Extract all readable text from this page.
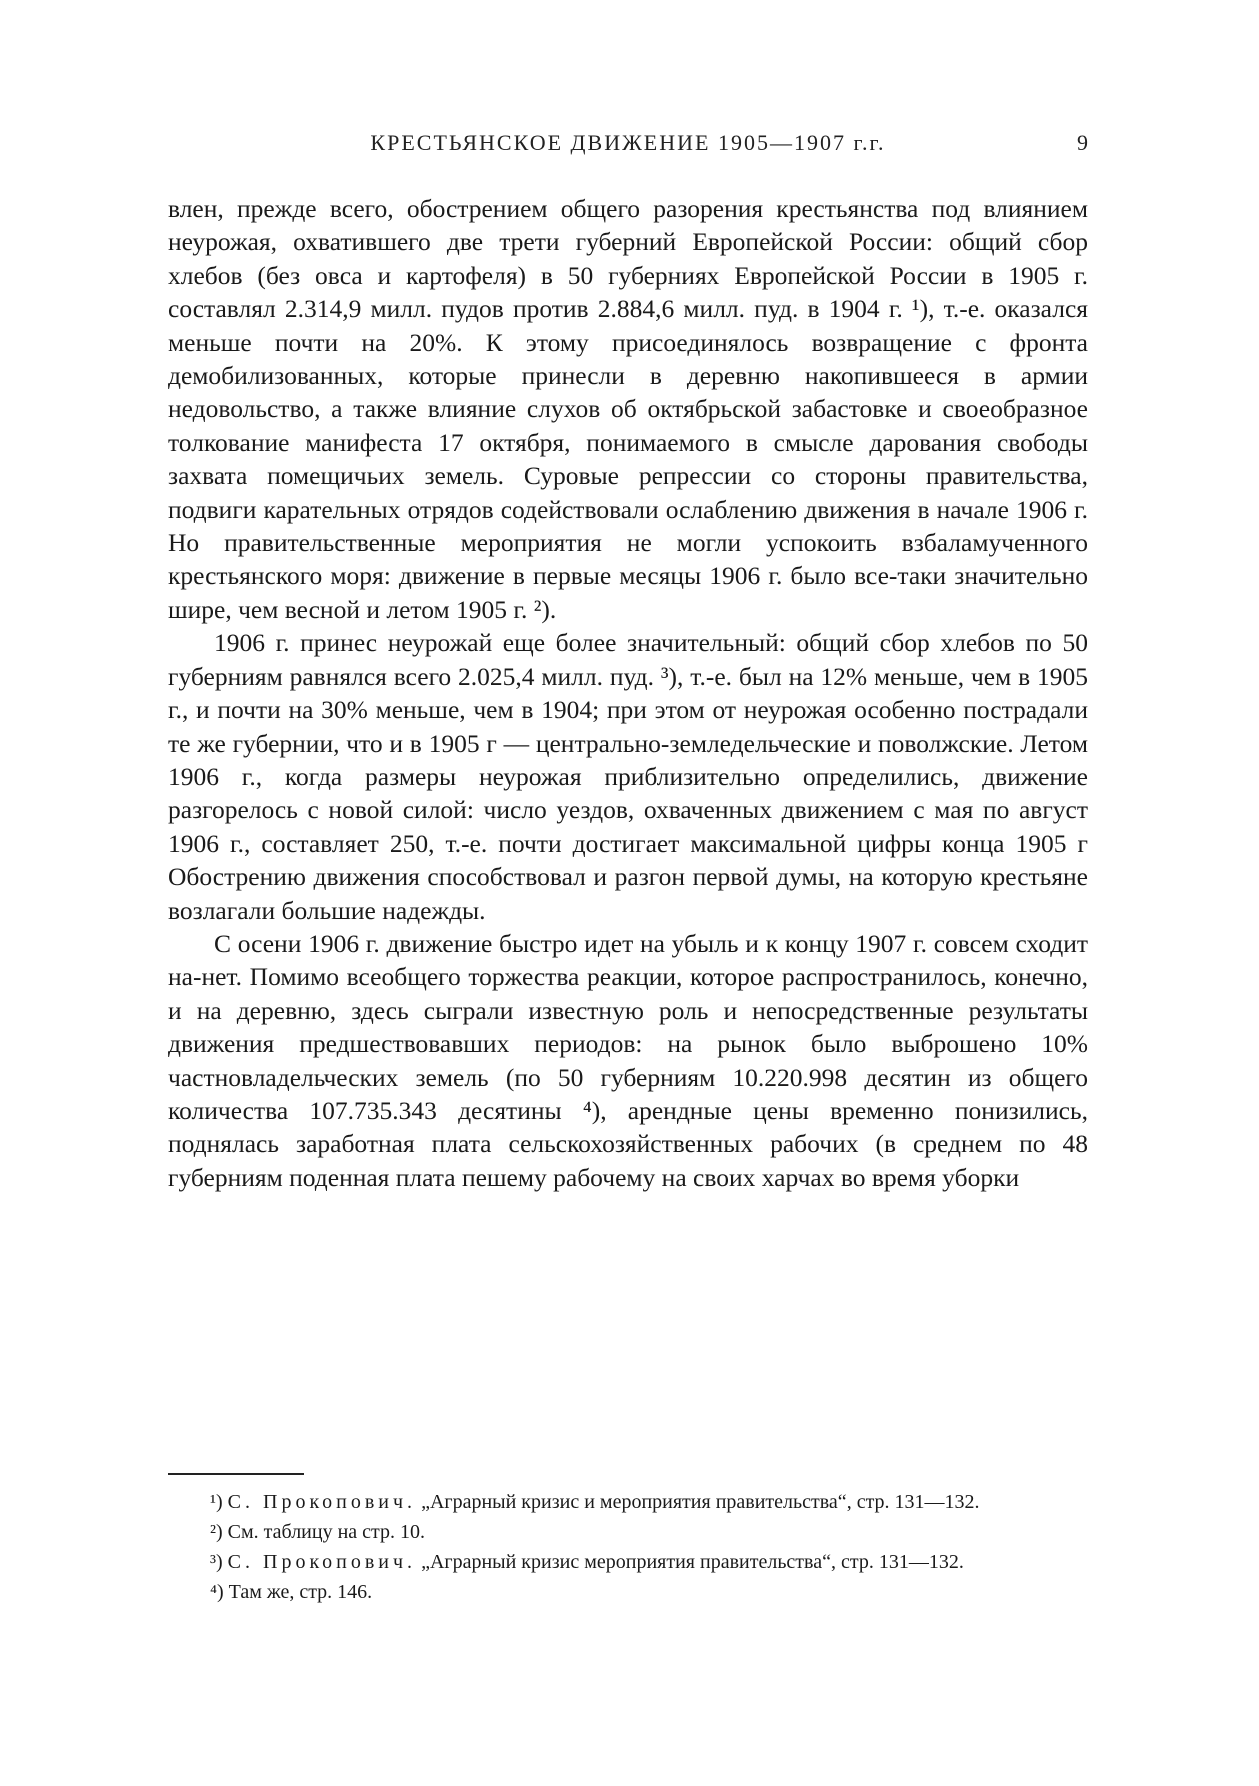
КРЕСТЬЯНСКОЕ ДВИЖЕНИЕ 1905—1907 г.г.	9

влен, прежде всего, обострением общего разорения крестьянства под влиянием неурожая, охватившего две трети губерний Европейской России: общий сбор хлебов (без овса и картофеля) в 50 губерниях Европейской России в 1905 г. составлял 2.314,9 милл. пудов против 2.884,6 милл. пуд. в 1904 г. ¹), т.-е. оказался меньше почти на 20%. К этому присоединялось возвращение с фронта демобилизованных, которые принесли в деревню накопившееся в армии недовольство, а также влияние слухов об октябрьской забастовке и своеобразное толкование манифеста 17 октября, понимаемого в смысле дарования свободы захвата помещичьих земель. Суровые репрессии со стороны правительства, подвиги карательных отрядов содействовали ослаблению движения в начале 1906 г. Но правительственные мероприятия не могли успокоить взбаламученного крестьянского моря: движение в первые месяцы 1906 г. было все-таки значительно шире, чем весной и летом 1905 г. ²).

1906 г. принес неурожай еще более значительный: общий сбор хлебов по 50 губерниям равнялся всего 2.025,4 милл. пуд. ³), т.-е. был на 12% меньше, чем в 1905 г., и почти на 30% меньше, чем в 1904; при этом от неурожая особенно пострадали те же губернии, что и в 1905 г — центрально-земледельческие и поволжские. Летом 1906 г., когда размеры неурожая приблизительно определились, движение разгорелось с новой силой: число уездов, охваченных движением с мая по август 1906 г., составляет 250, т.-е. почти достигает максимальной цифры конца 1905 г Обострению движения способствовал и разгон первой думы, на которую крестьяне возлагали большие надежды.

С осени 1906 г. движение быстро идет на убыль и к концу 1907 г. совсем сходит на-нет. Помимо всеобщего торжества реакции, которое распространилось, конечно, и на деревню, здесь сыграли известную роль и непосредственные результаты движения предшествовавших периодов: на рынок было выброшено 10% частновладельческих земель (по 50 губерниям 10.220.998 десятин из общего количества 107.735.343 десятины ⁴), арендные цены временно понизились, поднялась заработная плата сельскохозяйственных рабочих (в среднем по 48 губерниям поденная плата пешему рабочему на своих харчах во время уборки

¹) С. Прокопович. „Аграрный кризис и мероприятия правительства“, стр. 131—132.

²) См. таблицу на стр. 10.

³) С. Прокопович. „Аграрный кризис мероприятия правительства“, стр. 131—132.

⁴) Там же, стр. 146.
